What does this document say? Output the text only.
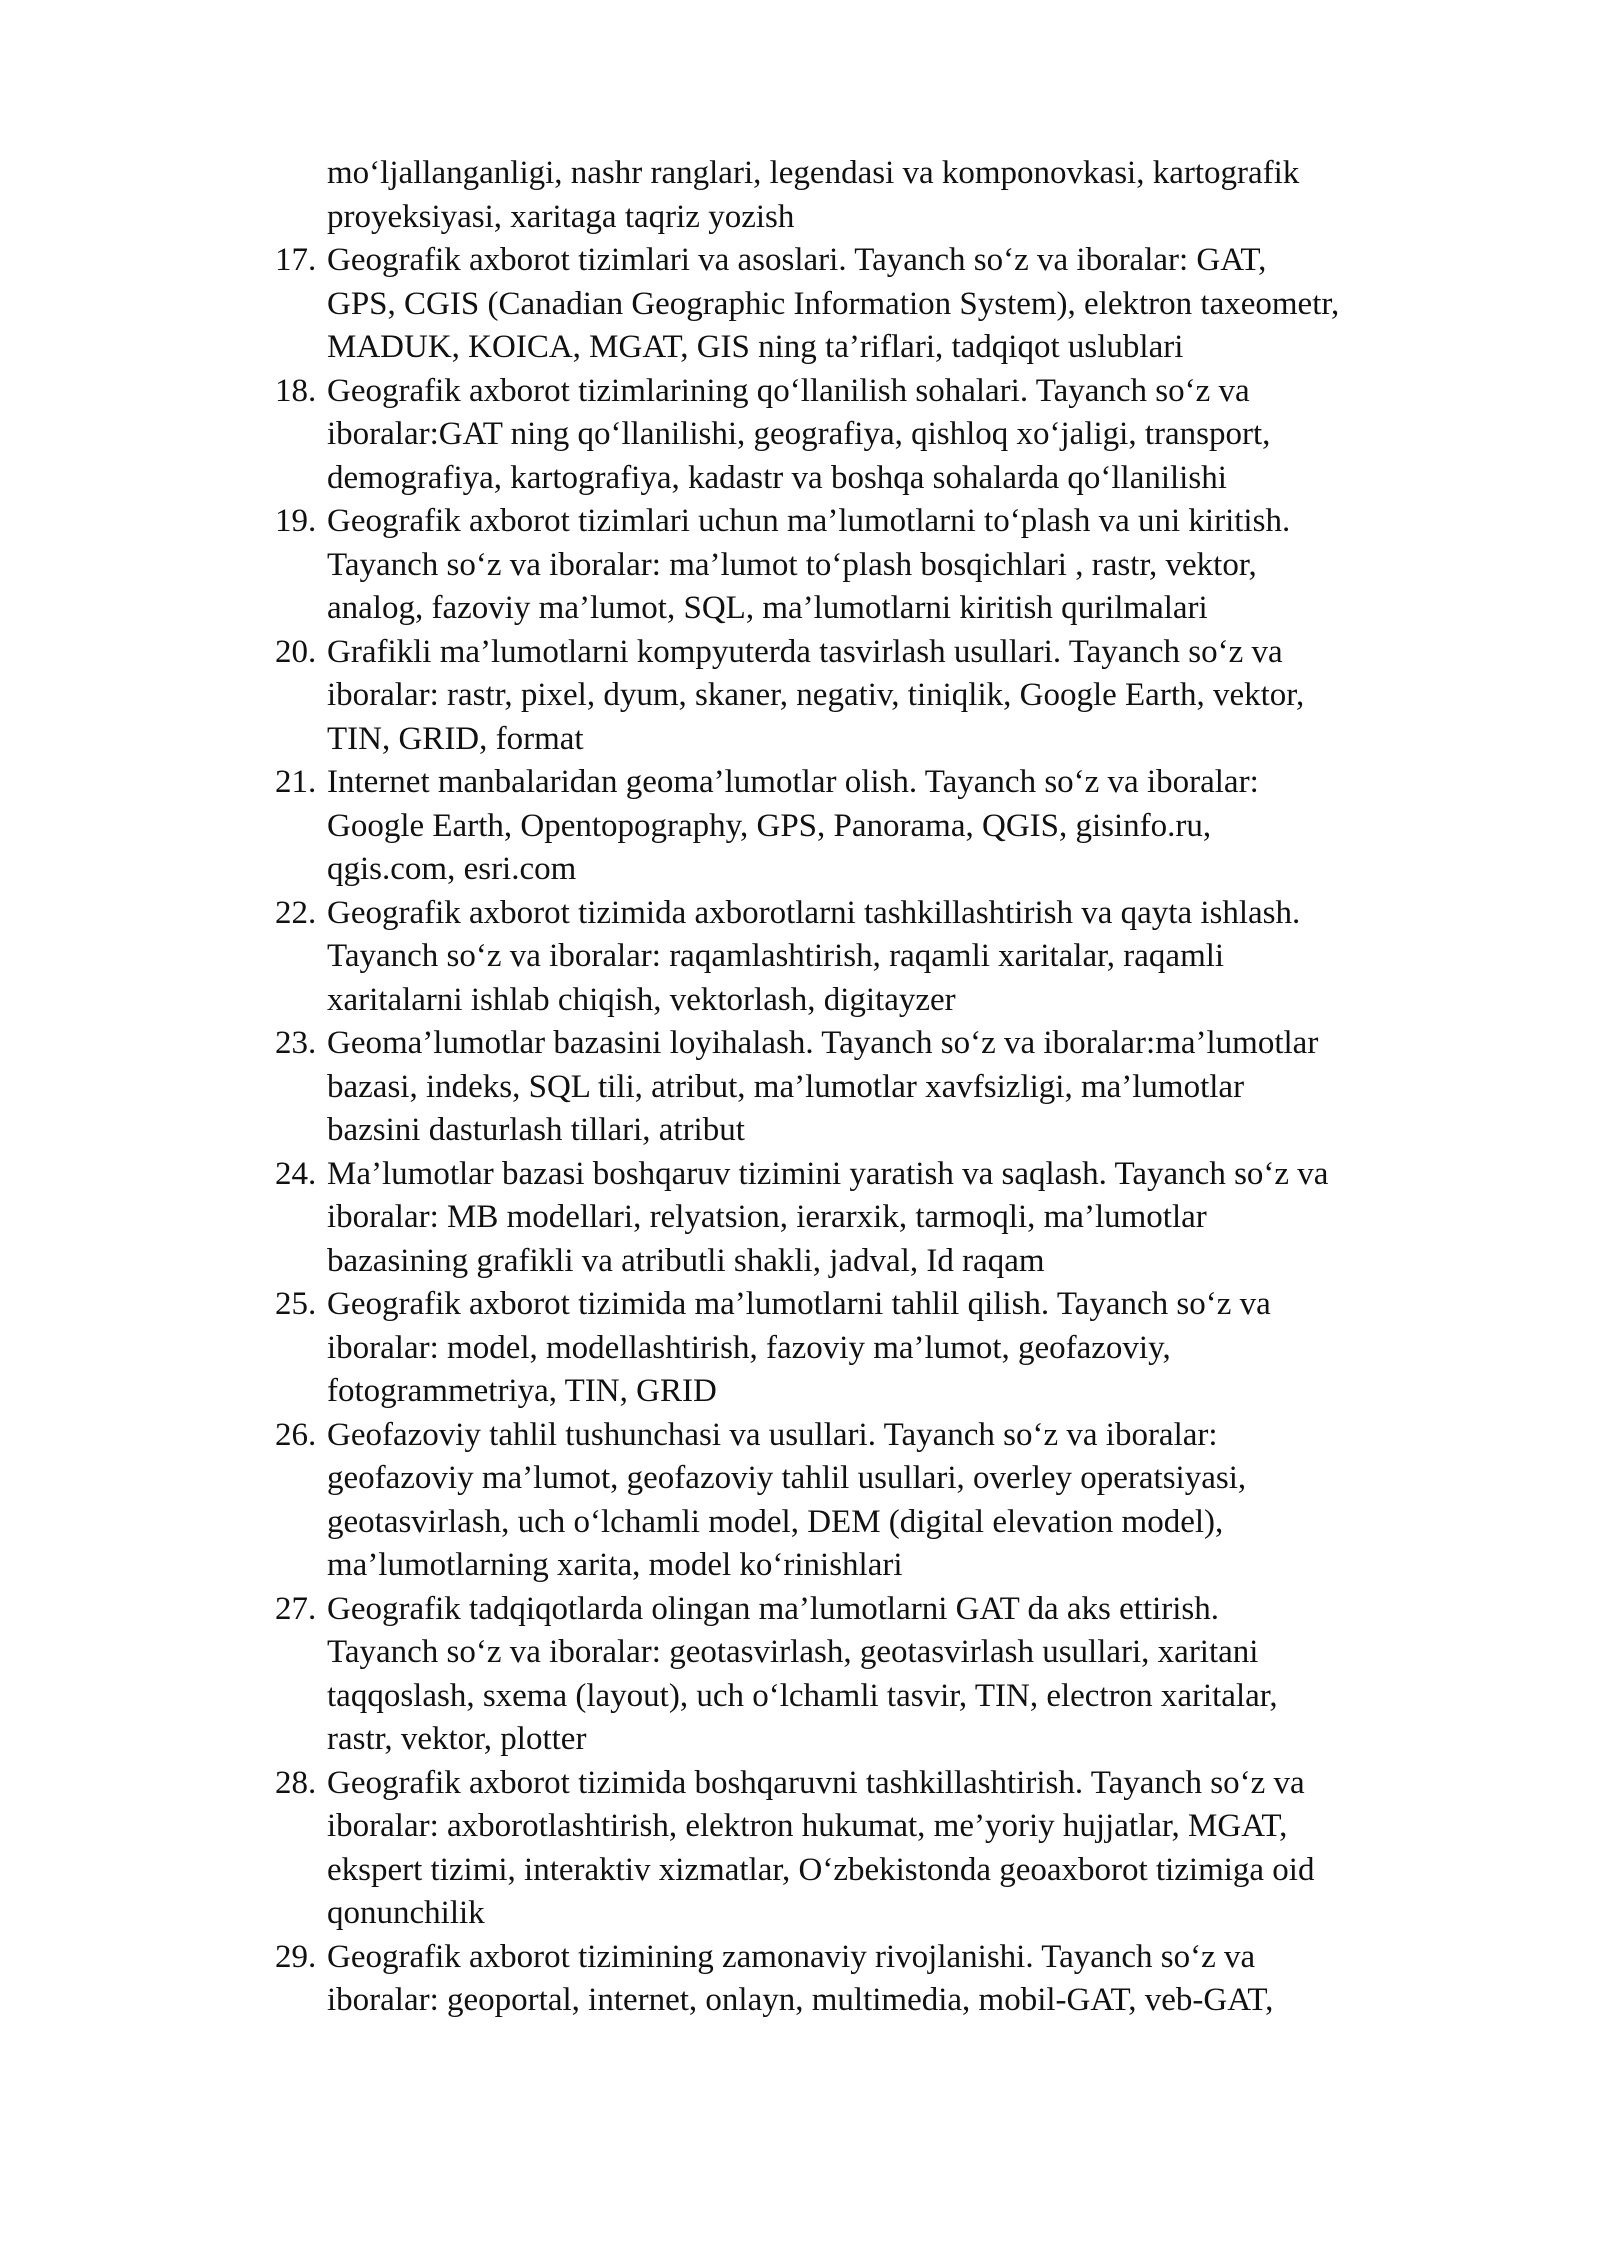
mo‘ljallanganligi, nashr ranglari, legendasi va komponovkasi, kartografik
proyeksiyasi, xaritaga taqriz yozish
17. Geografik axborot tizimlari va asoslari. Tayanch so‘z va iboralar: GAT,
GPS, CGIS (Canadian Geographic Information System), elektron taxeometr,
MADUK, KOICA, MGAT, GIS ning ta’riflari, tadqiqot uslublari
18. Geografik axborot tizimlarining qo‘llanilish sohalari. Tayanch so‘z va
iboralar:GAT ning qo‘llanilishi, geografiya, qishloq xo‘jaligi, transport,
demografiya, kartografiya, kadastr va boshqa sohalarda qo‘llanilishi
19. Geografik axborot tizimlari uchun ma’lumotlarni to‘plash va uni kiritish.
Tayanch so‘z va iboralar: ma’lumot to‘plash bosqichlari , rastr, vektor,
analog, fazoviy ma’lumot, SQL, ma’lumotlarni kiritish qurilmalari
20. Grafikli ma’lumotlarni kompyuterda tasvirlash usullari. Tayanch so‘z va
iboralar: rastr, pixel, dyum, skaner, negativ, tiniqlik, Google Earth, vektor,
TIN, GRID, format
21. Internet manbalaridan geoma’lumotlar olish. Tayanch so‘z va iboralar:
Google Earth, Opentopography, GPS, Panorama, QGIS, gisinfo.ru,
qgis.com, esri.com
22. Geografik axborot tizimida axborotlarni tashkillashtirish va qayta ishlash.
Tayanch so‘z va iboralar: raqamlashtirish, raqamli xaritalar, raqamli
xaritalarni ishlab chiqish, vektorlash, digitayzer
23. Geoma’lumotlar bazasini loyihalash. Tayanch so‘z va iboralar:ma’lumotlar
bazasi, indeks, SQL tili, atribut, ma’lumotlar xavfsizligi, ma’lumotlar
bazsini dasturlash tillari, atribut
24. Ma’lumotlar bazasi boshqaruv tizimini yaratish va saqlash. Tayanch so‘z va
iboralar: MB modellari, relyatsion, ierarxik, tarmoqli, ma’lumotlar
bazasining grafikli va atributli shakli, jadval, Id raqam
25. Geografik axborot tizimida ma’lumotlarni tahlil qilish. Tayanch so‘z va
iboralar: model, modellashtirish, fazoviy ma’lumot, geofazoviy,
fotogrammetriya, TIN, GRID
26. Geofazoviy tahlil tushunchasi va usullari. Tayanch so‘z va iboralar:
geofazoviy ma’lumot, geofazoviy tahlil usullari, overley operatsiyasi,
geotasvirlash, uch o‘lchamli model, DEM (digital elevation model),
ma’lumotlarning xarita, model ko‘rinishlari
27. Geografik tadqiqotlarda olingan ma’lumotlarni GAT da aks ettirish.
Tayanch so‘z va iboralar: geotasvirlash, geotasvirlash usullari, xaritani
taqqoslash, sxema (layout), uch o‘lchamli tasvir, TIN, electron xaritalar,
rastr, vektor, plotter
28. Geografik axborot tizimida boshqaruvni tashkillashtirish. Tayanch so‘z va
iboralar: axborotlashtirish, elektron hukumat, me’yoriy hujjatlar, MGAT,
ekspert tizimi, interaktiv xizmatlar, O‘zbekistonda geoaxborot tizimiga oid
qonunchilik
29. Geografik axborot tizimining zamonaviy rivojlanishi. Tayanch so‘z va
iboralar: geoportal, internet, onlayn, multimedia, mobil-GAT, veb-GAT,
